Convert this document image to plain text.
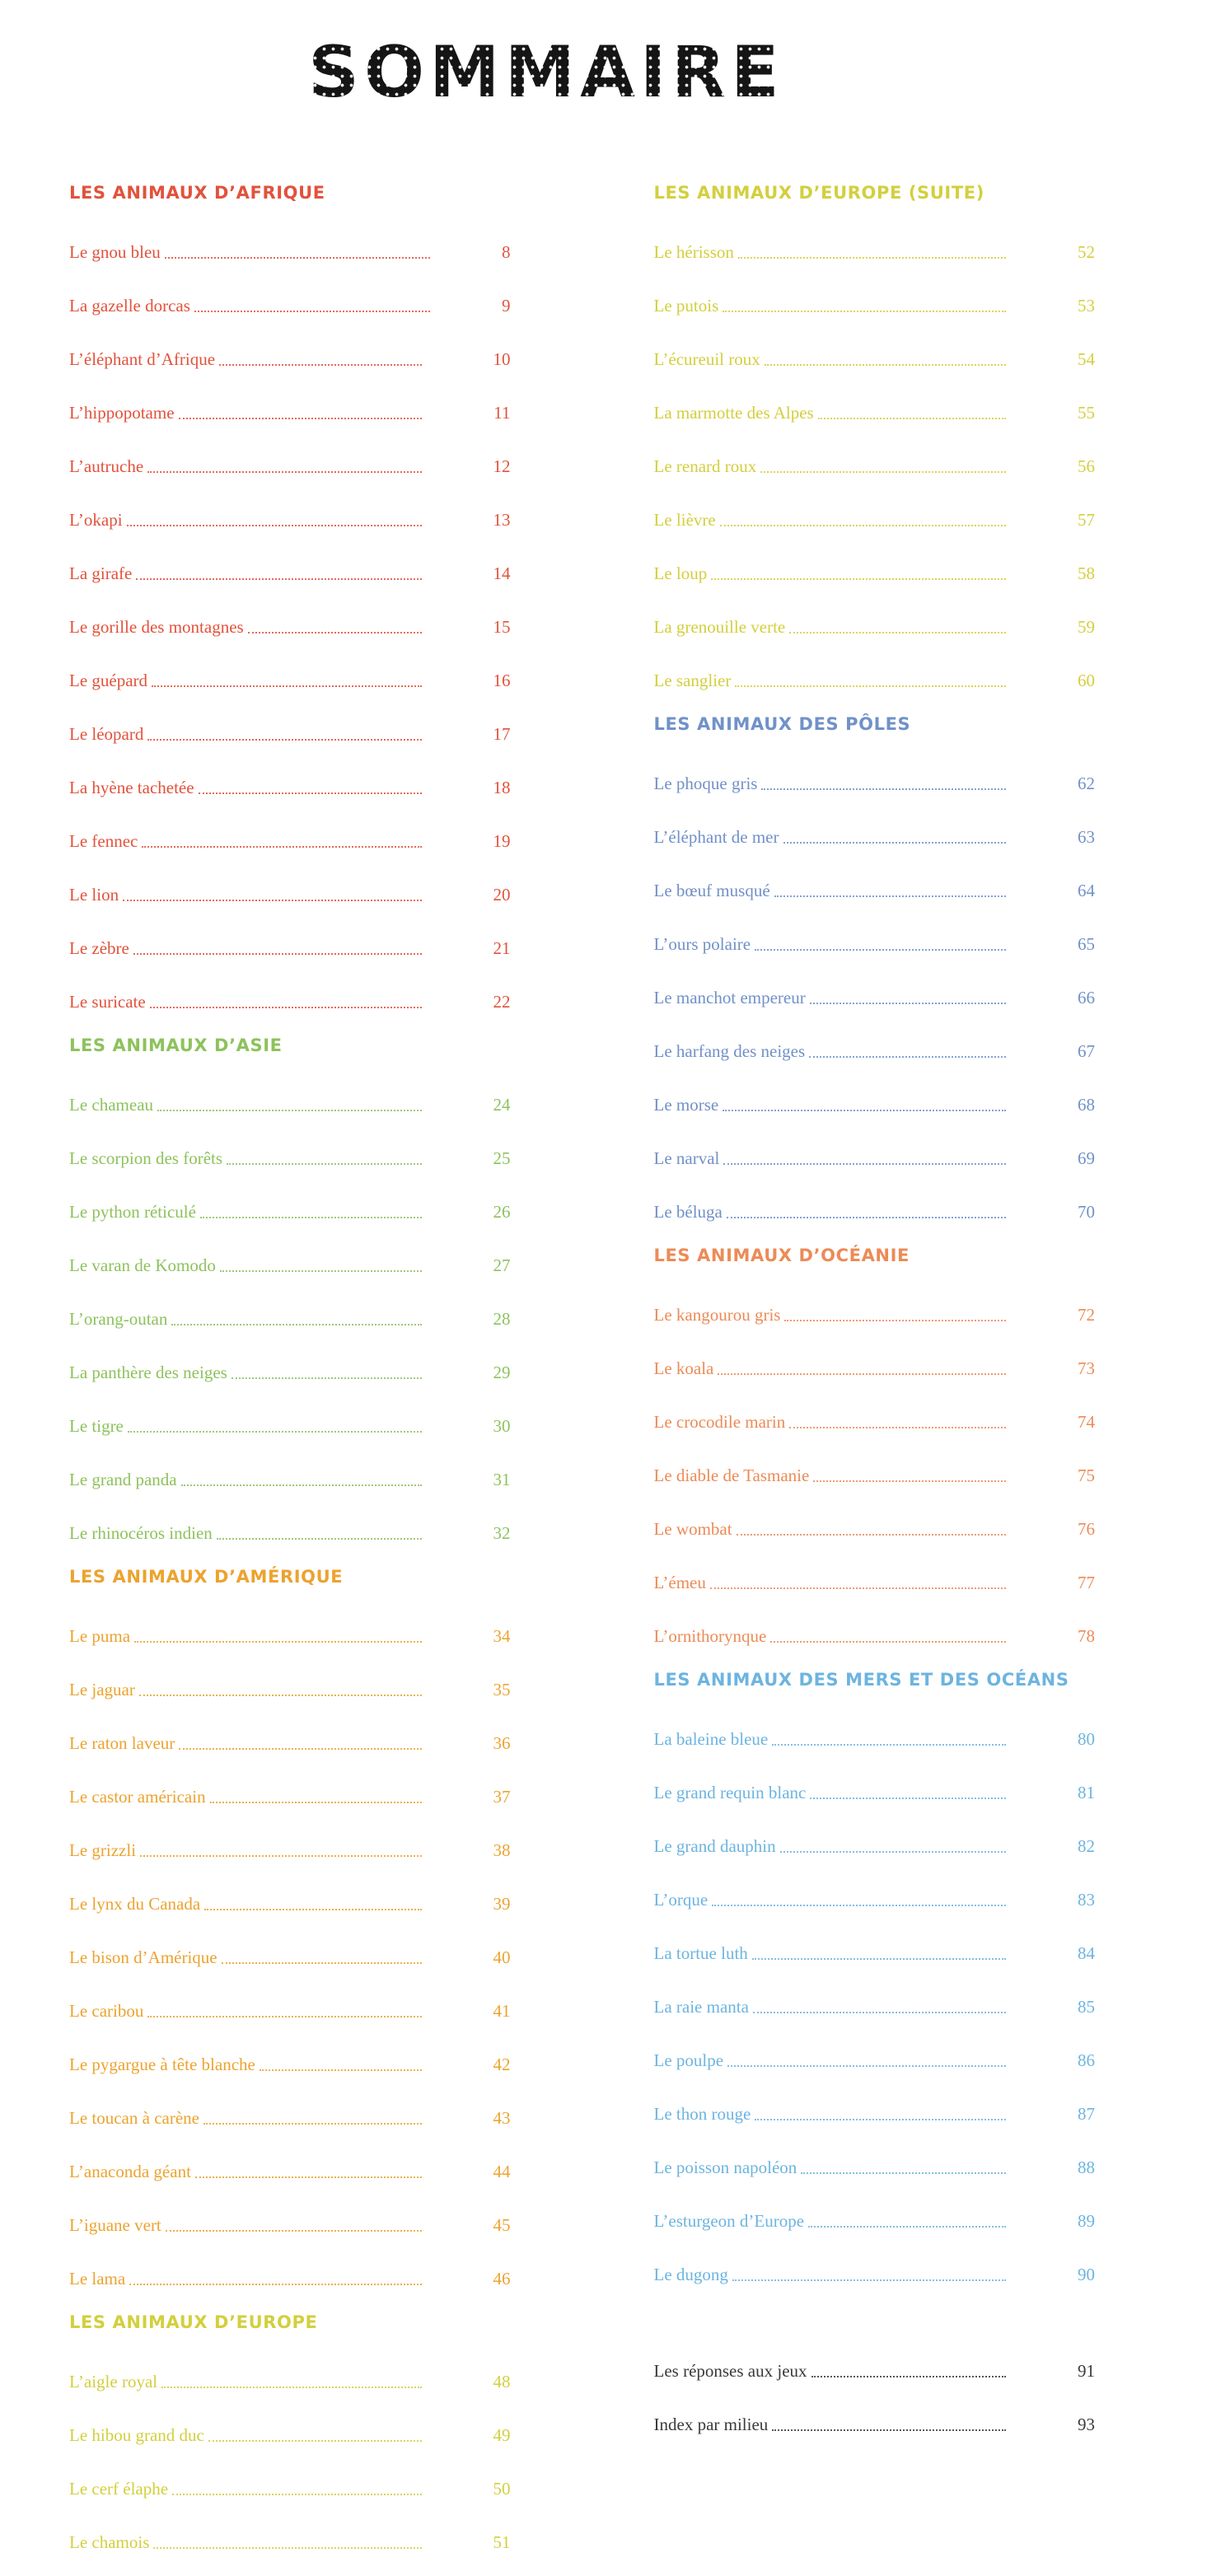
SOMMAIRE
LES ANIMAUX D’AFRIQUE
Le gnou bleu	8
La gazelle dorcas	9
L’éléphant d’Afrique	10
L’hippopotame	11
L’autruche	12
L’okapi	13
La girafe	14
Le gorille des montagnes	15
Le guépard	16
Le léopard	17
La hyène tachetée	18
Le fennec	19
Le lion	20
Le zèbre	21
Le suricate	22
LES ANIMAUX D’ASIE
Le chameau	24
Le scorpion des forêts	25
Le python réticulé	26
Le varan de Komodo	27
L’orang-outan	28
La panthère des neiges	29
Le tigre	30
Le grand panda	31
Le rhinocéros indien	32
LES ANIMAUX D’AMÉRIQUE
Le puma	34
Le jaguar	35
Le raton laveur	36
Le castor américain	37
Le grizzli	38
Le lynx du Canada	39
Le bison d’Amérique	40
Le caribou	41
Le pygargue à tête blanche	42
Le toucan à carène	43
L’anaconda géant	44
L’iguane vert	45
Le lama	46
LES ANIMAUX D’EUROPE
L’aigle royal	48
Le hibou grand duc	49
Le cerf élaphe	50
Le chamois	51
LES ANIMAUX D’EUROPE (SUITE)
Le hérisson	52
Le putois	53
L’écureuil roux	54
La marmotte des Alpes	55
Le renard roux	56
Le lièvre	57
Le loup	58
La grenouille verte	59
Le sanglier	60
LES ANIMAUX DES PÔLES
Le phoque gris	62
L’éléphant de mer	63
Le bœuf musqué	64
L’ours polaire	65
Le manchot empereur	66
Le harfang des neiges	67
Le morse	68
Le narval	69
Le béluga	70
LES ANIMAUX D’OCÉANIE
Le kangourou gris	72
Le koala	73
Le crocodile marin	74
Le diable de Tasmanie	75
Le wombat	76
L’émeu	77
L’ornithorynque	78
LES ANIMAUX DES MERS ET DES OCÉANS
La baleine bleue	80
Le grand requin blanc	81
Le grand dauphin	82
L’orque	83
La tortue luth	84
La raie manta	85
Le poulpe	86
Le thon rouge	87
Le poisson napoléon	88
L’esturgeon d’Europe	89
Le dugong	90
Les réponses aux jeux	91
Index par milieu	93
